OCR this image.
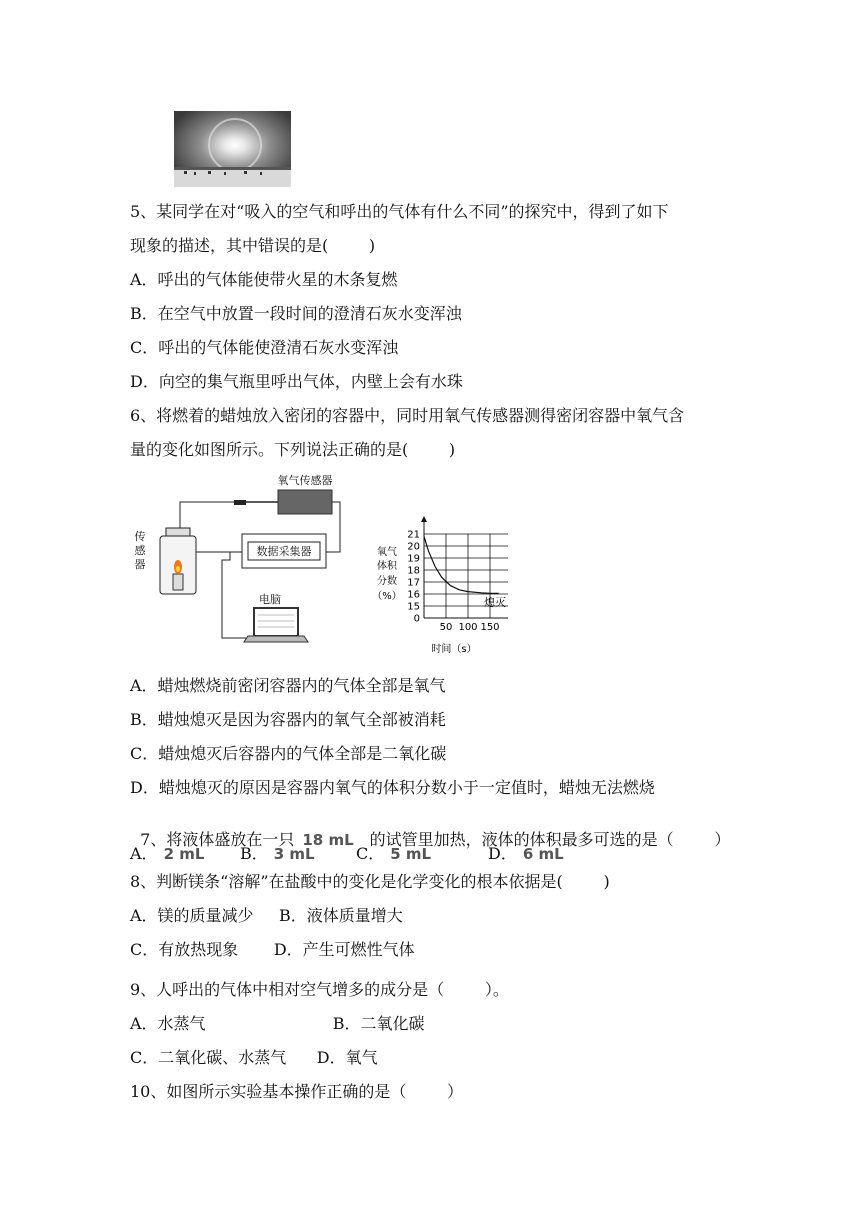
5、某同学在对“吸入的空气和呼出的气体有什么不同”的探究中，得到了如下
现象的描述，其中错误的是(        )
A．呼出的气体能使带火星的木条复燃
B．在空气中放置一段时间的澄清石灰水变浑浊
C．呼出的气体能使澄清石灰水变浑浊
D．向空的集气瓶里呼出气体，内壁上会有水珠
6、将燃着的蜡烛放入密闭的容器中，同时用氧气传感器测得密闭容器中氧气含
量的变化如图所示。下列说法正确的是(        )
氧气传感器
数据采集器
传
感
器
电脑
氧气
体积
分数
（%）
21
20
19
18
17
16
15
0
50 100 150
熄灭
时间（s）
A．蜡烛燃烧前密闭容器内的气体全部是氧气
B．蜡烛熄灭是因为容器内的氧气全部被消耗
C．蜡烛熄灭后容器内的气体全部是二氧化碳
D．蜡烛熄灭的原因是容器内氧气的体积分数小于一定值时，蜡烛无法燃烧

7、将液体盛放在一只 18 mL 的试管里加热，液体的体积最多可选的是（        ）

A． 2 mL B． 3 mL	C． 5 mL	D． 6 mL
8、判断镁条“溶解”在盐酸中的变化是化学变化的根本依据是(        )
A．镁的质量减少     B．液体质量增大
C．有放热现象       D．产生可燃性气体
9、人呼出的气体中相对空气增多的成分是（        ）。
A．水蒸气                         B．二氧化碳
C．二氧化碳、水蒸气      D．氧气
10、如图所示实验基本操作正确的是（        ）
